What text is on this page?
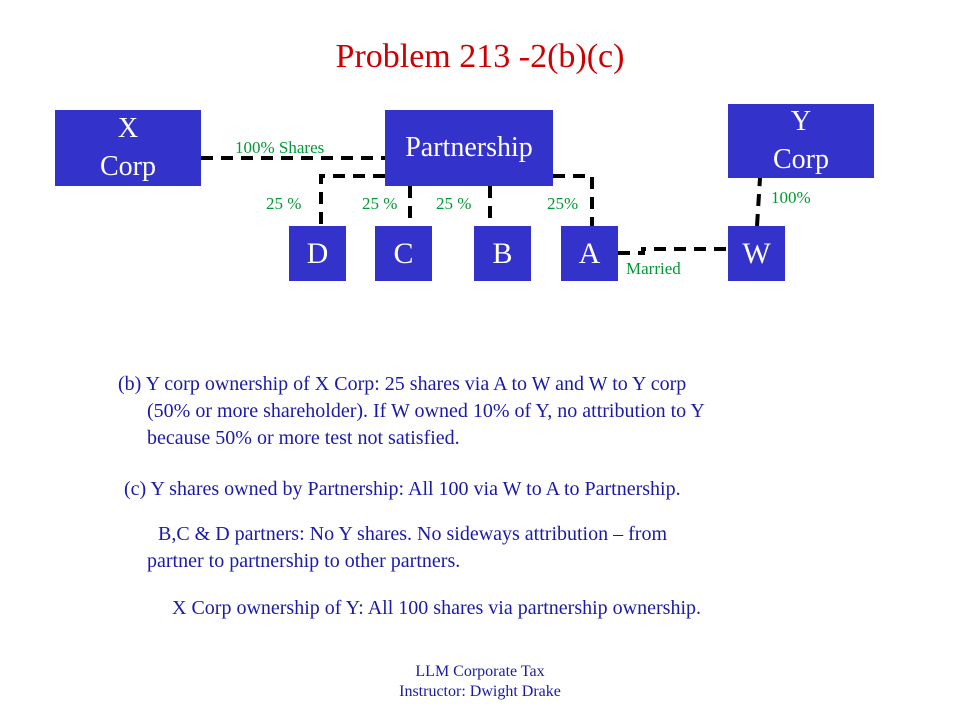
Problem 213 -2(b)(c)
X
Corp
Partnership
Y
Corp
D C	B A	W
100% Shares
25 %	25 % 25 %	25%	100%
Married
(b) Y corp ownership of X Corp: 25 shares via A to W and W to Y corp
(50% or more shareholder). If W owned 10% of Y, no attribution to Y
because 50% or more test not satisfied.
(c) Y shares owned by Partnership: All 100 via W to A to Partnership.
B,C & D partners: No Y shares. No sideways attribution – from
partner to partnership to other partners.
X Corp ownership of Y: All 100 shares via partnership ownership.
LLM Corporate Tax
Instructor: Dwight Drake
